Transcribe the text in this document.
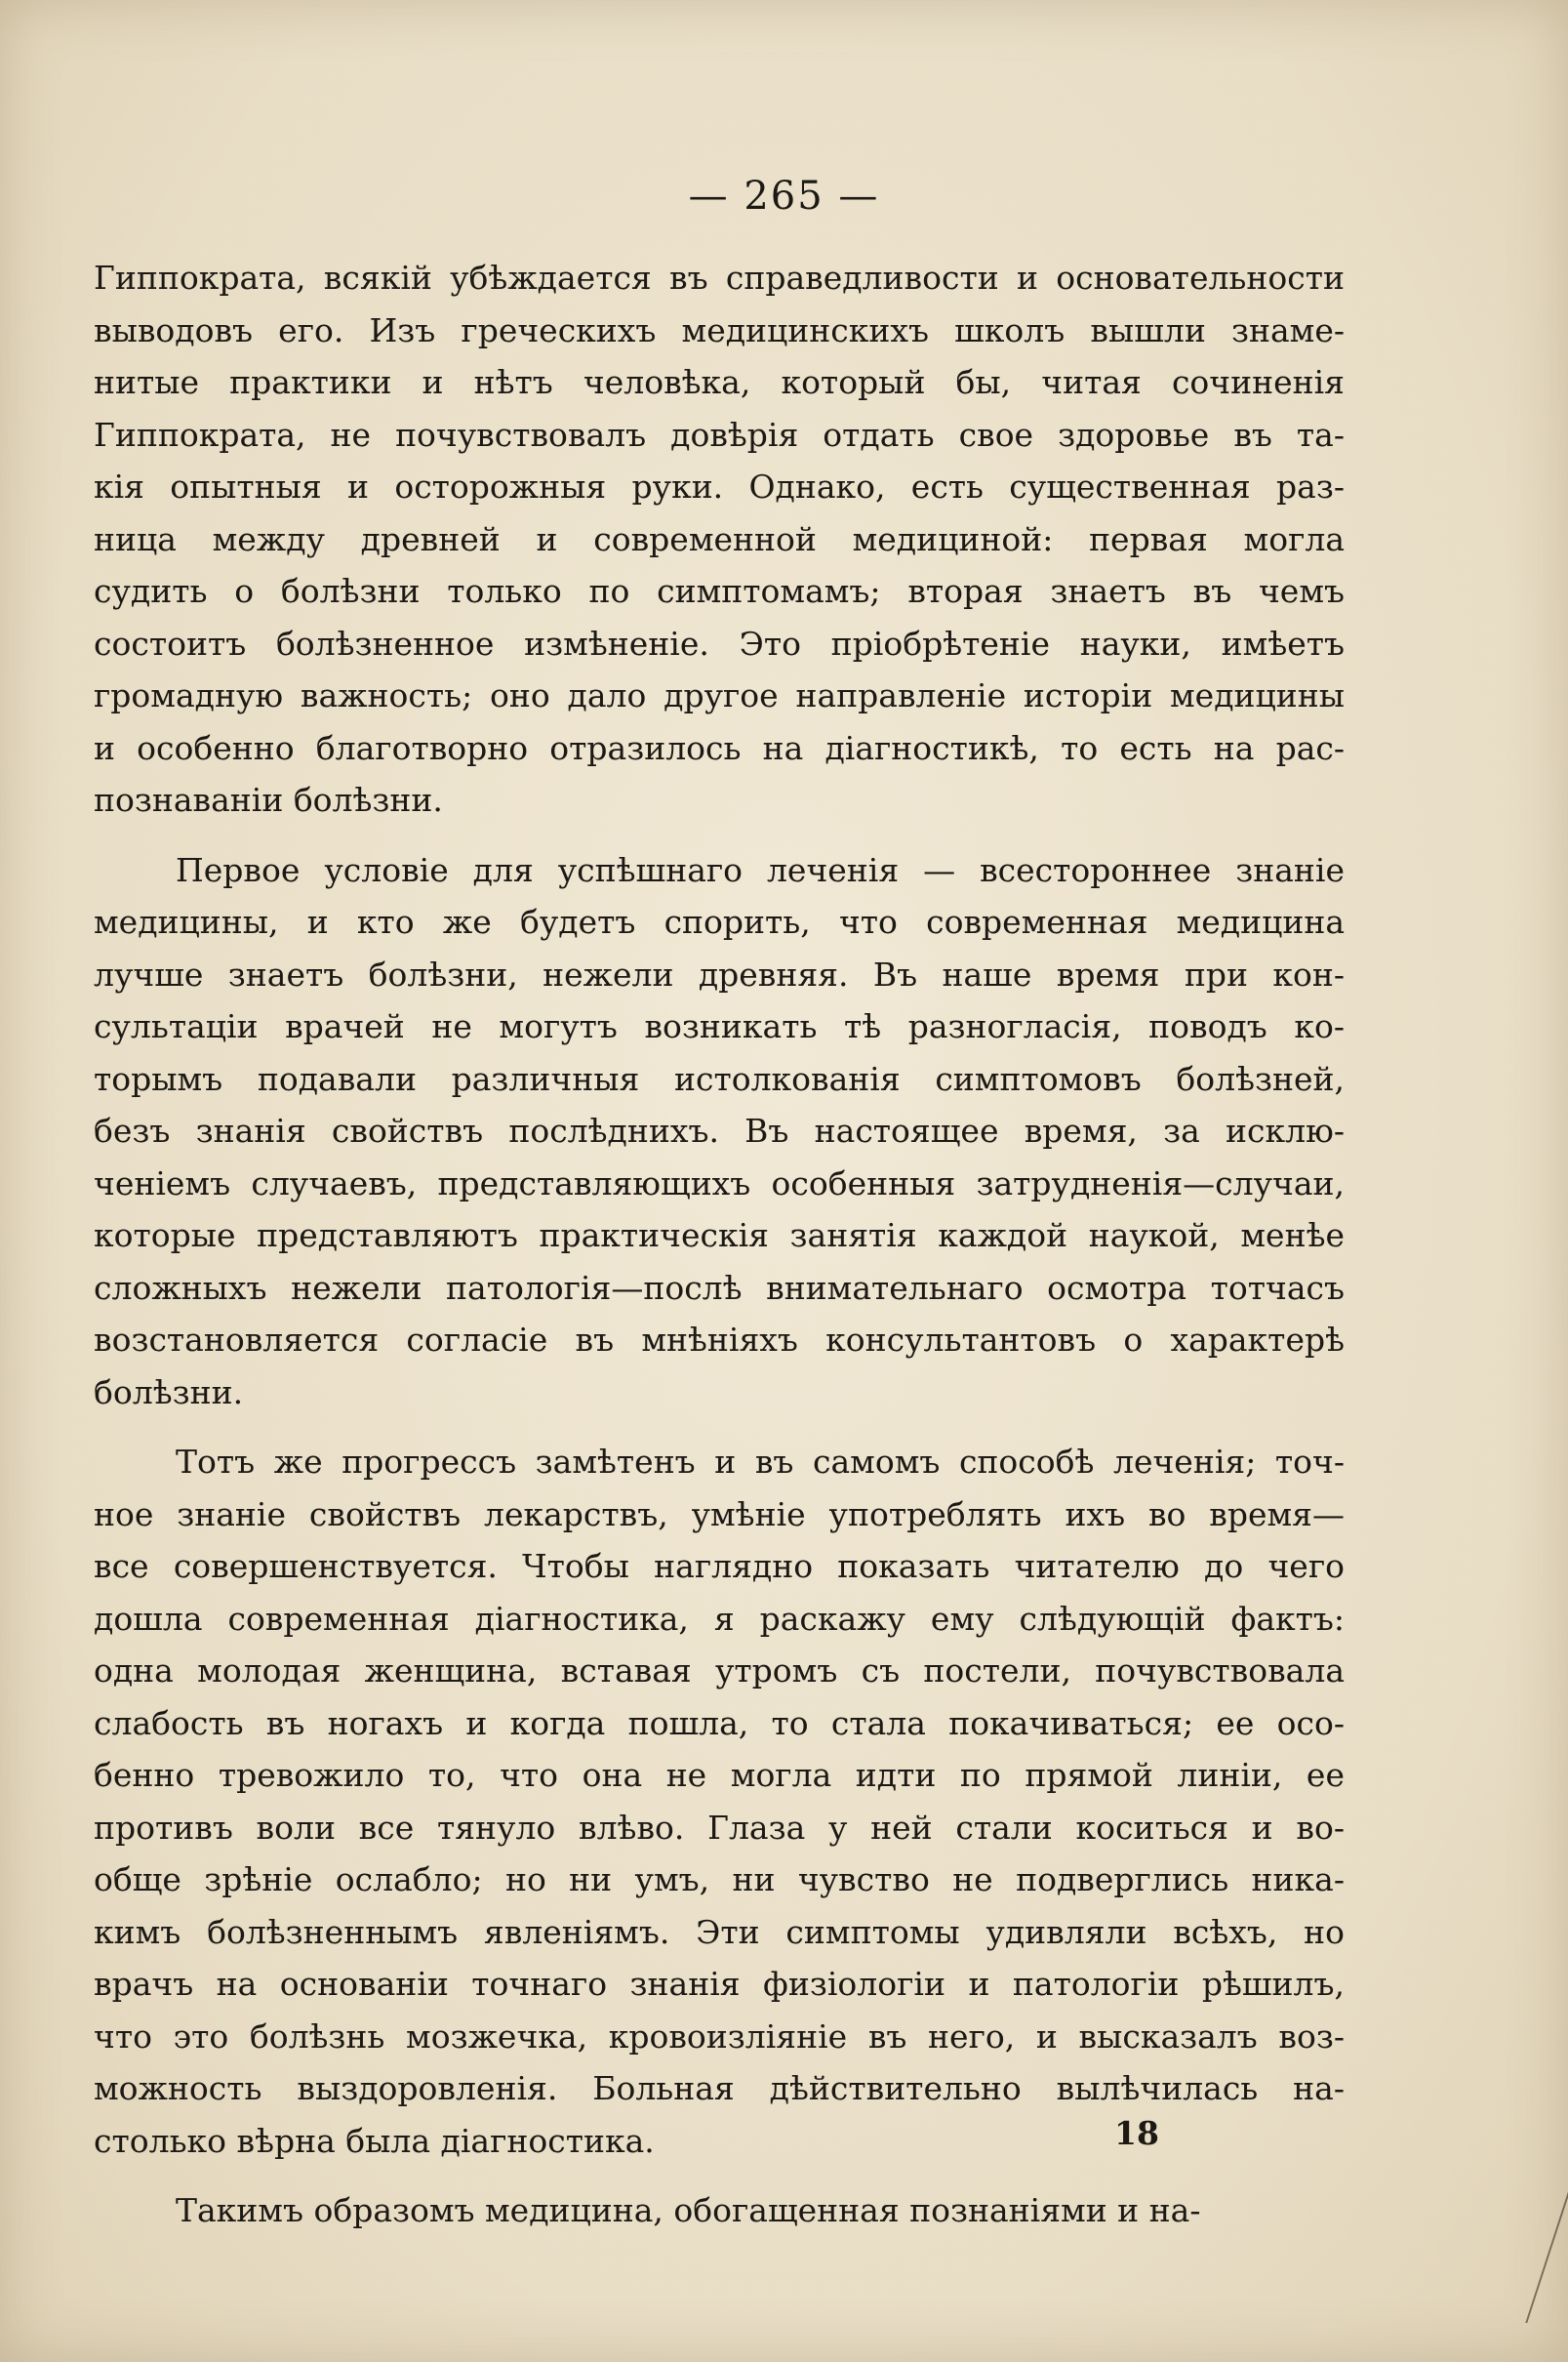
— 265 —
Гиппократа, всякій убѣждается въ справедливости и основательности
выводовъ его. Изъ греческихъ медицинскихъ школъ вышли знаме-
нитые практики и нѣтъ человѣка, который бы, читая сочиненія
Гиппократа, не почувствовалъ довѣрія отдать свое здоровье въ та-
кія опытныя и осторожныя руки. Однако, есть существенная раз-
ница между древней и современной медициной: первая могла
судить о болѣзни только по симптомамъ; вторая знаетъ въ чемъ
состоитъ болѣзненное измѣненіе. Это пріобрѣтеніе науки, имѣетъ
громадную важность; оно дало другое направленіе исторіи медицины
и особенно благотворно отразилось на діагностикѣ, то есть на рас-
познаваніи болѣзни.
Первое условіе для успѣшнаго леченія — всестороннее знаніе
медицины, и кто же будетъ спорить, что современная медицина
лучше знаетъ болѣзни, нежели древняя. Въ наше время при кон-
сультаціи врачей не могутъ возникать тѣ разногласія, поводъ ко-
торымъ подавали различныя истолкованія симптомовъ болѣзней,
безъ знанія свойствъ послѣднихъ. Въ настоящее время, за исклю-
ченіемъ случаевъ, представляющихъ особенныя затрудненія—случаи,
которые представляютъ практическія занятія каждой наукой, менѣе
сложныхъ нежели патологія—послѣ внимательнаго осмотра тотчасъ
возстановляется согласіе въ мнѣніяхъ консультантовъ о характерѣ
болѣзни.
Тотъ же прогрессъ замѣтенъ и въ самомъ способѣ леченія; точ-
ное знаніе свойствъ лекарствъ, умѣніе употреблять ихъ во время—
все совершенствуется. Чтобы наглядно показать читателю до чего
дошла современная діагностика, я раскажу ему слѣдующій фактъ:
одна молодая женщина, вставая утромъ съ постели, почувствовала
слабость въ ногахъ и когда пошла, то стала покачиваться; ее осо-
бенно тревожило то, что она не могла идти по прямой линіи, ее
противъ воли все тянуло влѣво. Глаза у ней стали коситься и во-
обще зрѣніе ослабло; но ни умъ, ни чувство не подверглись ника-
кимъ болѣзненнымъ явленіямъ. Эти симптомы удивляли всѣхъ, но
врачъ на основаніи точнаго знанія физіологіи и патологіи рѣшилъ,
что это болѣзнь мозжечка, кровоизліяніе въ него, и высказалъ воз-
можность выздоровленія. Больная дѣйствительно вылѣчилась на-
столько вѣрна была діагностика.
Такимъ образомъ медицина, обогащенная познаніями и на-
18
